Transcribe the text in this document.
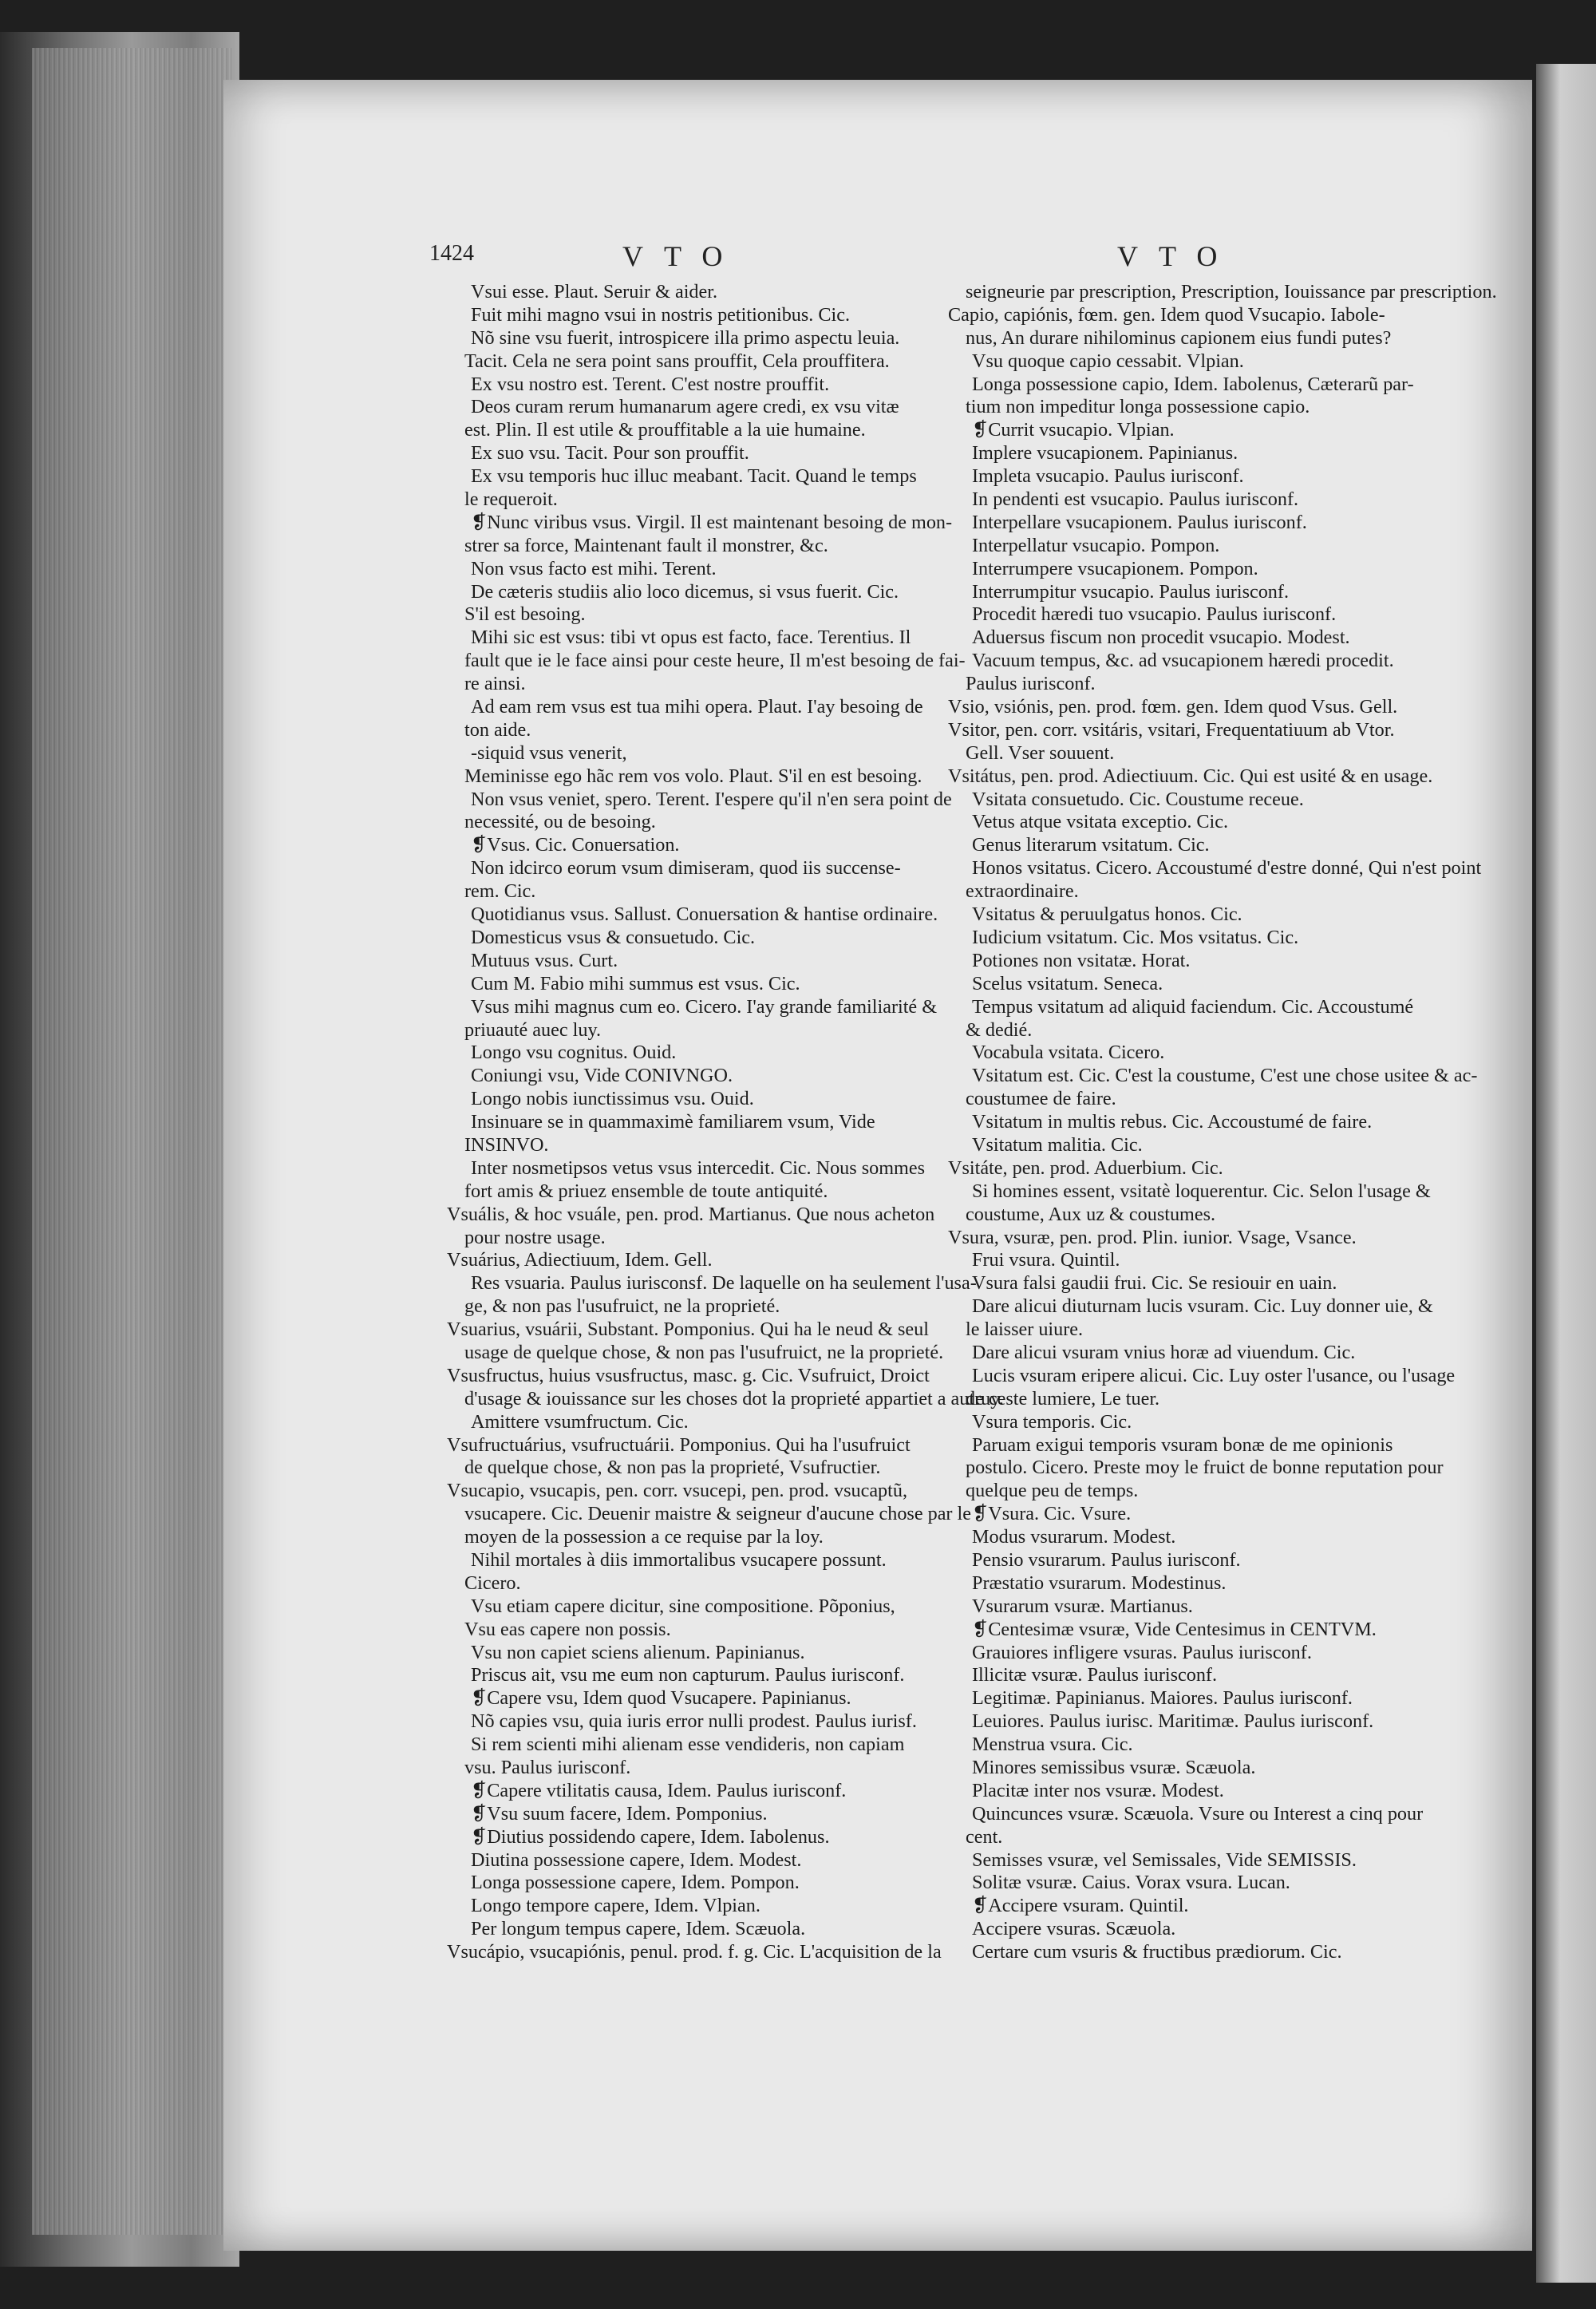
1424	VTO	VTO
Vsui esse. Plaut. Seruir & aider.
Fuit mihi magno vsui in nostris petitionibus. Cic.
Nõ sine vsu fuerit, introspicere illa primo aspectu leuia.
Tacit. Cela ne sera point sans prouffit, Cela prouffitera.
Ex vsu nostro est. Terent. C'est nostre prouffit.
Deos curam rerum humanarum agere credi, ex vsu vitæ
est. Plin. Il est utile & prouffitable a la uie humaine.
Ex suo vsu. Tacit. Pour son prouffit.
Ex vsu temporis huc illuc meabant. Tacit. Quand le temps
le requeroit.
❡Nunc viribus vsus. Virgil. Il est maintenant besoing de mon-
strer sa force, Maintenant fault il monstrer, &c.
Non vsus facto est mihi. Terent.
De cæteris studiis alio loco dicemus, si vsus fuerit. Cic.
S'il est besoing.
Mihi sic est vsus: tibi vt opus est facto, face. Terentius. Il
fault que ie le face ainsi pour ceste heure, Il m'est besoing de fai-
re ainsi.
Ad eam rem vsus est tua mihi opera. Plaut. I'ay besoing de
ton aide.
-siquid vsus venerit,
Meminisse ego hãc rem vos volo. Plaut. S'il en est besoing.
Non vsus veniet, spero. Terent. I'espere qu'il n'en sera point de
necessité, ou de besoing.
❡Vsus. Cic. Conuersation.
Non idcirco eorum vsum dimiseram, quod iis succense-
rem. Cic.
Quotidianus vsus. Sallust. Conuersation & hantise ordinaire.
Domesticus vsus & consuetudo. Cic.
Mutuus vsus. Curt.
Cum M. Fabio mihi summus est vsus. Cic.
Vsus mihi magnus cum eo. Cicero. I'ay grande familiarité &
priuauté auec luy.
Longo vsu cognitus. Ouid.
Coniungi vsu, Vide CONIVNGO.
Longo nobis iunctissimus vsu. Ouid.
Insinuare se in quammaximè familiarem vsum, Vide
INSINVO.
Inter nosmetipsos vetus vsus intercedit. Cic. Nous sommes
fort amis & priuez ensemble de toute antiquité.
Vsuális, & hoc vsuále, pen. prod. Martianus. Que nous acheton
pour nostre usage.
Vsuárius, Adiectiuum, Idem. Gell.
Res vsuaria. Paulus iurisconsf. De laquelle on ha seulement l'usa-
ge, & non pas l'usufruict, ne la proprieté.
Vsuarius, vsuárii, Substant. Pomponius. Qui ha le neud & seul
usage de quelque chose, & non pas l'usufruict, ne la proprieté.
Vsusfructus, huius vsusfructus, masc. g. Cic. Vsufruict, Droict
d'usage & iouissance sur les choses dot la proprieté appartiet a autruy.
Amittere vsumfructum. Cic.
Vsufructuárius, vsufructuárii. Pomponius. Qui ha l'usufruict
de quelque chose, & non pas la proprieté, Vsufructier.
Vsucapio, vsucapis, pen. corr. vsucepi, pen. prod. vsucaptũ,
vsucapere. Cic. Deuenir maistre & seigneur d'aucune chose par le
moyen de la possession a ce requise par la loy.
Nihil mortales à diis immortalibus vsucapere possunt.
Cicero.
Vsu etiam capere dicitur, sine compositione. Põponius,
Vsu eas capere non possis.
Vsu non capiet sciens alienum. Papinianus.
Priscus ait, vsu me eum non capturum. Paulus iurisconf.
❡Capere vsu, Idem quod Vsucapere. Papinianus.
Nõ capies vsu, quia iuris error nulli prodest. Paulus iurisf.
Si rem scienti mihi alienam esse vendideris, non capiam
vsu. Paulus iurisconf.
❡Capere vtilitatis causa, Idem. Paulus iurisconf.
❡Vsu suum facere, Idem. Pomponius.
❡Diutius possidendo capere, Idem. Iabolenus.
Diutina possessione capere, Idem. Modest.
Longa possessione capere, Idem. Pompon.
Longo tempore capere, Idem. Vlpian.
Per longum tempus capere, Idem. Scæuola.
Vsucápio, vsucapiónis, penul. prod. f. g. Cic. L'acquisition de la
seigneurie par prescription, Prescription, Iouissance par prescription.
Capio, capiónis, fœm. gen. Idem quod Vsucapio. Iabole-
nus, An durare nihilominus capionem eius fundi putes?
Vsu quoque capio cessabit. Vlpian.
Longa possessione capio, Idem. Iabolenus, Cæterarũ par-
tium non impeditur longa possessione capio.
❡Currit vsucapio. Vlpian.
Implere vsucapionem. Papinianus.
Impleta vsucapio. Paulus iurisconf.
In pendenti est vsucapio. Paulus iurisconf.
Interpellare vsucapionem. Paulus iurisconf.
Interpellatur vsucapio. Pompon.
Interrumpere vsucapionem. Pompon.
Interrumpitur vsucapio. Paulus iurisconf.
Procedit hæredi tuo vsucapio. Paulus iurisconf.
Aduersus fiscum non procedit vsucapio. Modest.
Vacuum tempus, &c. ad vsucapionem hæredi procedit.
Paulus iurisconf.
Vsio, vsiónis, pen. prod. fœm. gen. Idem quod Vsus. Gell.
Vsitor, pen. corr. vsitáris, vsitari, Frequentatiuum ab Vtor.
Gell. Vser souuent.
Vsitátus, pen. prod. Adiectiuum. Cic. Qui est usité & en usage.
Vsitata consuetudo. Cic. Coustume receue.
Vetus atque vsitata exceptio. Cic.
Genus literarum vsitatum. Cic.
Honos vsitatus. Cicero. Accoustumé d'estre donné, Qui n'est point
extraordinaire.
Vsitatus & peruulgatus honos. Cic.
Iudicium vsitatum. Cic. Mos vsitatus. Cic.
Potiones non vsitatæ. Horat.
Scelus vsitatum. Seneca.
Tempus vsitatum ad aliquid faciendum. Cic. Accoustumé
& dedié.
Vocabula vsitata. Cicero.
Vsitatum est. Cic. C'est la coustume, C'est une chose usitee & ac-
coustumee de faire.
Vsitatum in multis rebus. Cic. Accoustumé de faire.
Vsitatum malitia. Cic.
Vsitáte, pen. prod. Aduerbium. Cic.
Si homines essent, vsitatè loquerentur. Cic. Selon l'usage &
coustume, Aux uz & coustumes.
Vsura, vsuræ, pen. prod. Plin. iunior. Vsage, Vsance.
Frui vsura. Quintil.
Vsura falsi gaudii frui. Cic. Se resiouir en uain.
Dare alicui diuturnam lucis vsuram. Cic. Luy donner uie, &
le laisser uiure.
Dare alicui vsuram vnius horæ ad viuendum. Cic.
Lucis vsuram eripere alicui. Cic. Luy oster l'usance, ou l'usage
de ceste lumiere, Le tuer.
Vsura temporis. Cic.
Paruam exigui temporis vsuram bonæ de me opinionis
postulo. Cicero. Preste moy le fruict de bonne reputation pour
quelque peu de temps.
❡Vsura. Cic. Vsure.
Modus vsurarum. Modest.
Pensio vsurarum. Paulus iurisconf.
Præstatio vsurarum. Modestinus.
Vsurarum vsuræ. Martianus.
❡Centesimæ vsuræ, Vide Centesimus in CENTVM.
Grauiores infligere vsuras. Paulus iurisconf.
Illicitæ vsuræ. Paulus iurisconf.
Legitimæ. Papinianus. Maiores. Paulus iurisconf.
Leuiores. Paulus iurisc. Maritimæ. Paulus iurisconf.
Menstrua vsura. Cic.
Minores semissibus vsuræ. Scæuola.
Placitæ inter nos vsuræ. Modest.
Quincunces vsuræ. Scæuola. Vsure ou Interest a cinq pour
cent.
Semisses vsuræ, vel Semissales, Vide SEMISSIS.
Solitæ vsuræ. Caius. Vorax vsura. Lucan.
❡Accipere vsuram. Quintil.
Accipere vsuras. Scæuola.
Certare cum vsuris & fructibus prædiorum. Cic.
